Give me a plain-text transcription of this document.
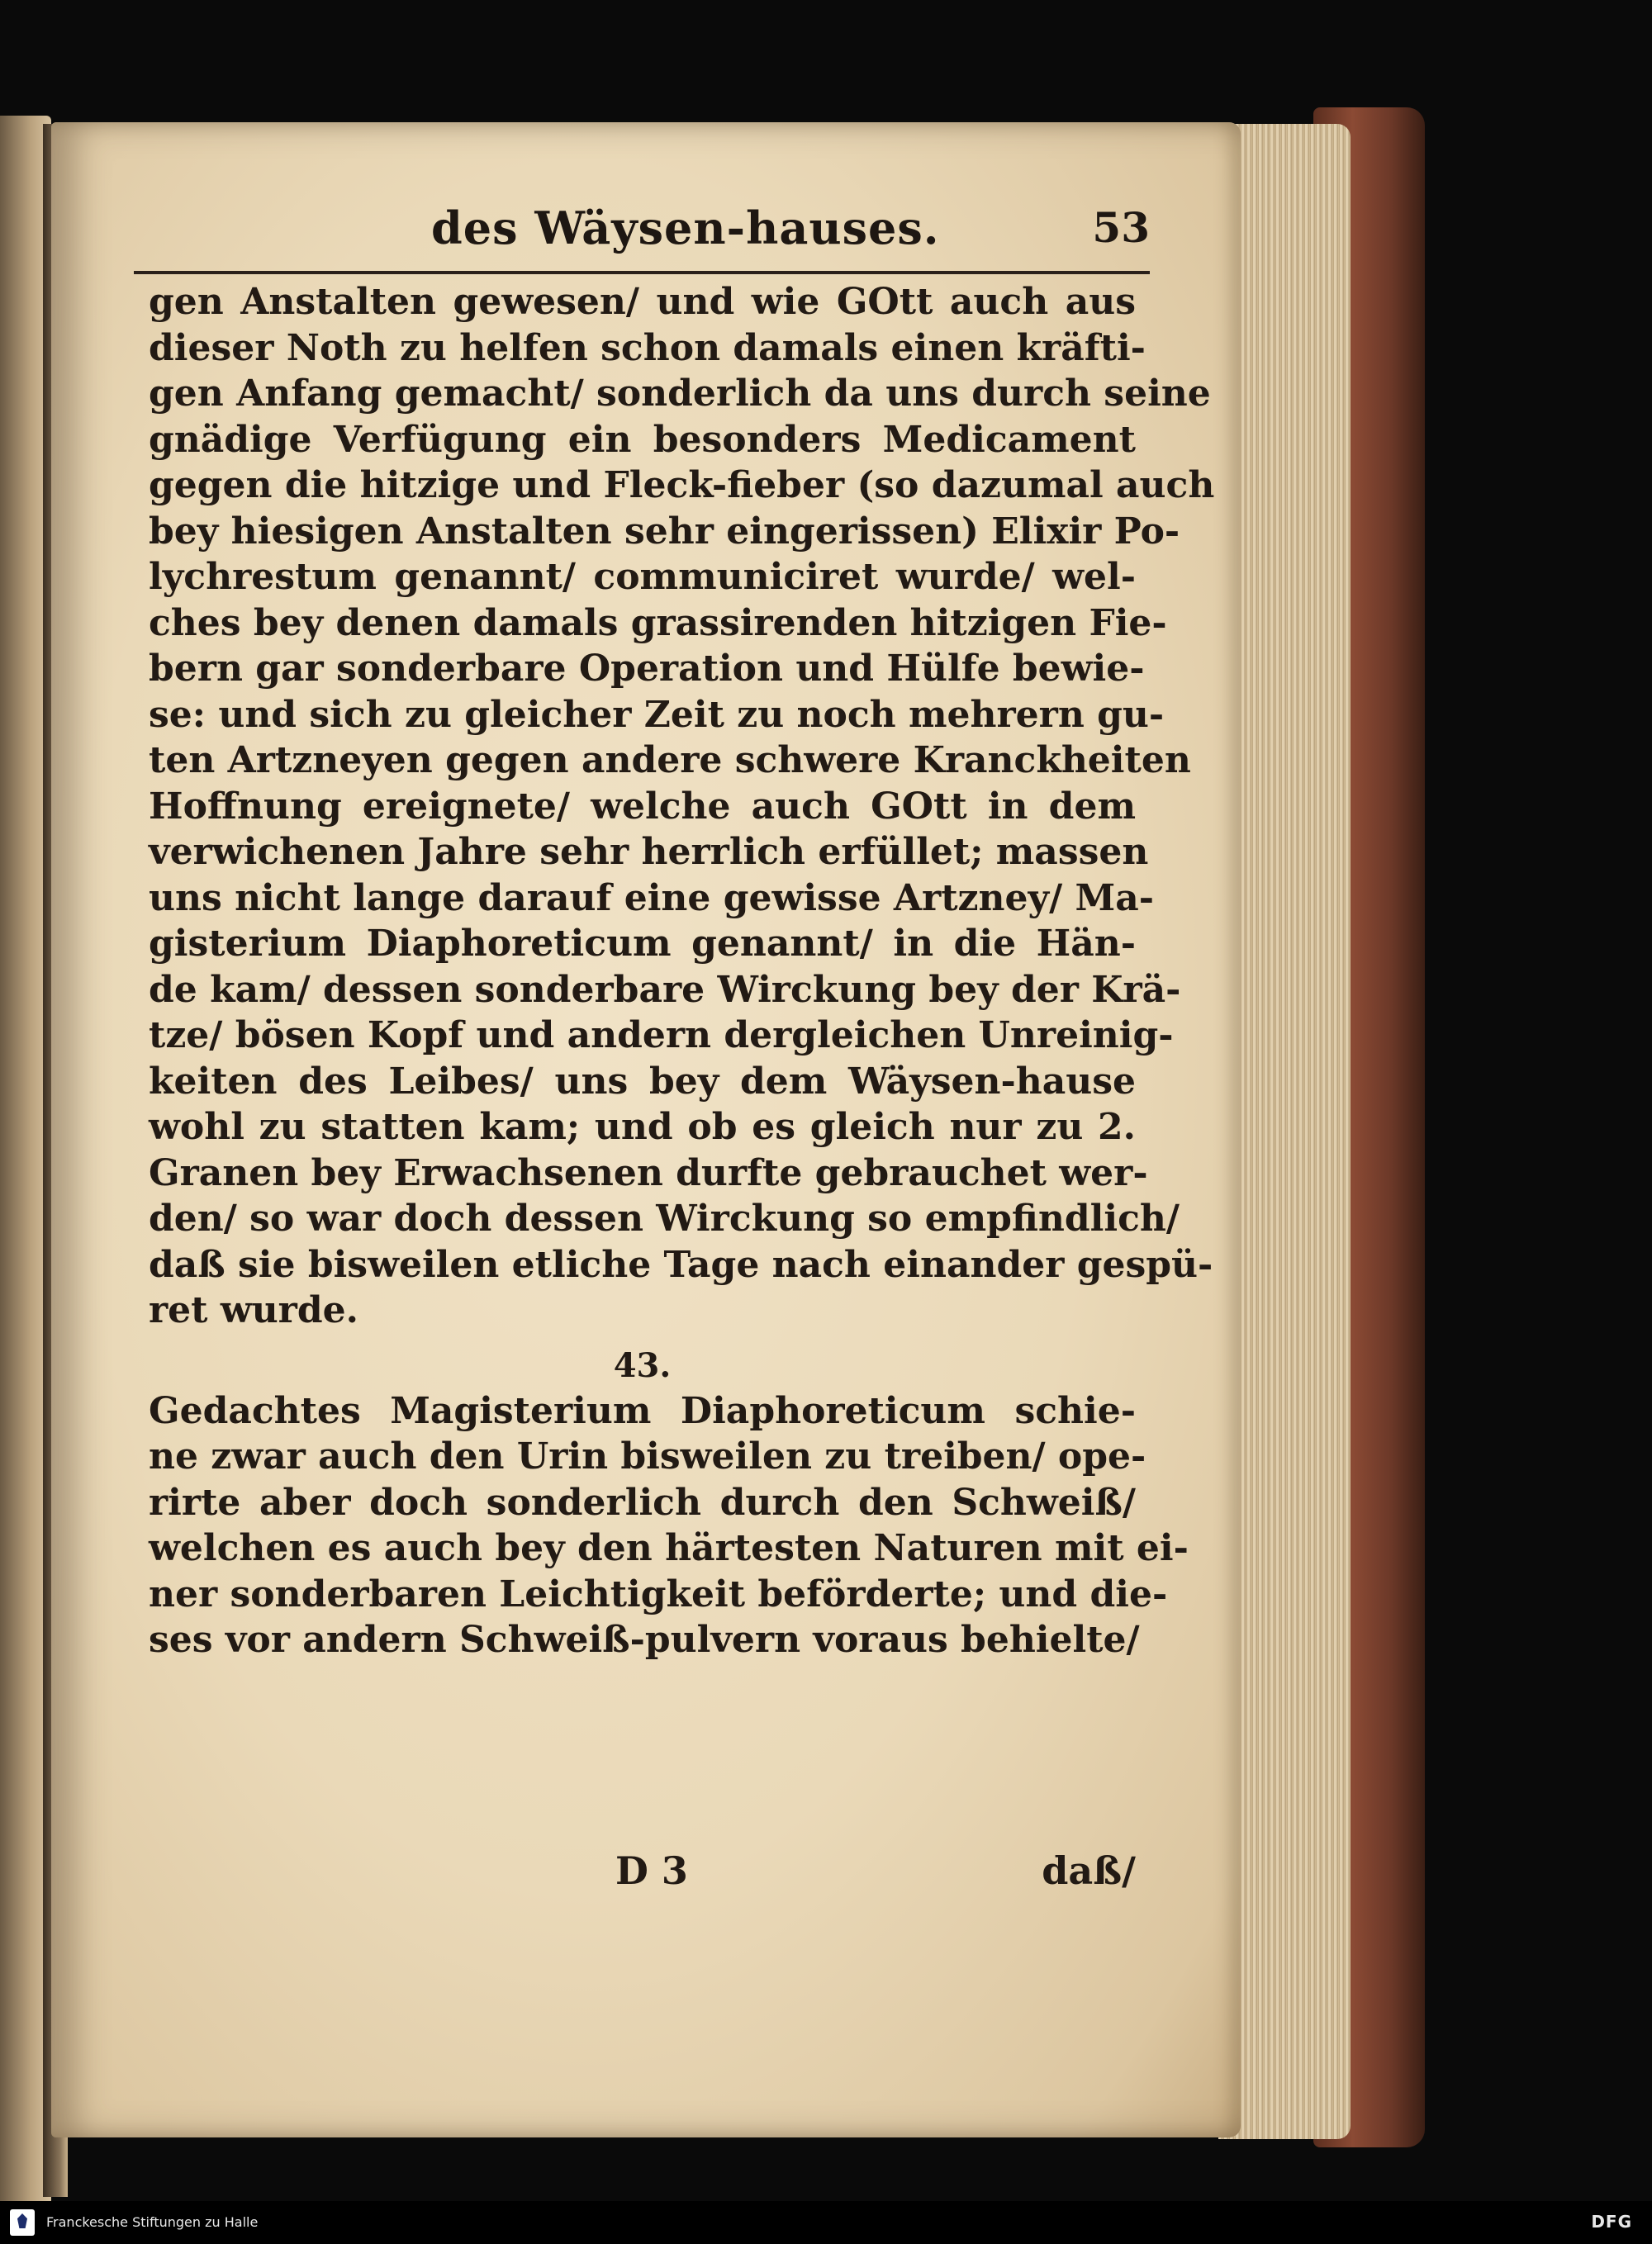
des Wäysen-hauses.	53
gen Anstalten gewesen/ und wie GOtt auch aus
dieser Noth zu helfen schon damals einen kräfti-
gen Anfang gemacht/ sonderlich da uns durch seine
gnädige Verfügung ein besonders Medicament
gegen die hitzige und Fleck-fieber (so dazumal auch
bey hiesigen Anstalten sehr eingerissen) Elixir Po-
lychrestum genannt/ communiciret wurde/ wel-
ches bey denen damals grassirenden hitzigen Fie-
bern gar sonderbare Operation und Hülfe bewie-
se: und sich zu gleicher Zeit zu noch mehrern gu-
ten Artzneyen gegen andere schwere Kranckheiten
Hoffnung ereignete/ welche auch GOtt in dem
verwichenen Jahre sehr herrlich erfüllet; massen
uns nicht lange darauf eine gewisse Artzney/ Ma-
gisterium Diaphoreticum genannt/ in die Hän-
de kam/ dessen sonderbare Wirckung bey der Krä-
tze/ bösen Kopf und andern dergleichen Unreinig-
keiten des Leibes/ uns bey dem Wäysen-hause
wohl zu statten kam; und ob es gleich nur zu 2.
Granen bey Erwachsenen durfte gebrauchet wer-
den/ so war doch dessen Wirckung so empfindlich/
daß sie bisweilen etliche Tage nach einander gespü-
ret wurde.
43.
Gedachtes Magisterium Diaphoreticum schie-
ne zwar auch den Urin bisweilen zu treiben/ ope-
rirte aber doch sonderlich durch den Schweiß/
welchen es auch bey den härtesten Naturen mit ei-
ner sonderbaren Leichtigkeit beförderte; und die-
ses vor andern Schweiß-pulvern voraus behielte/
D 3	daß/
Franckesche Stiftungen zu Halle	DFG
